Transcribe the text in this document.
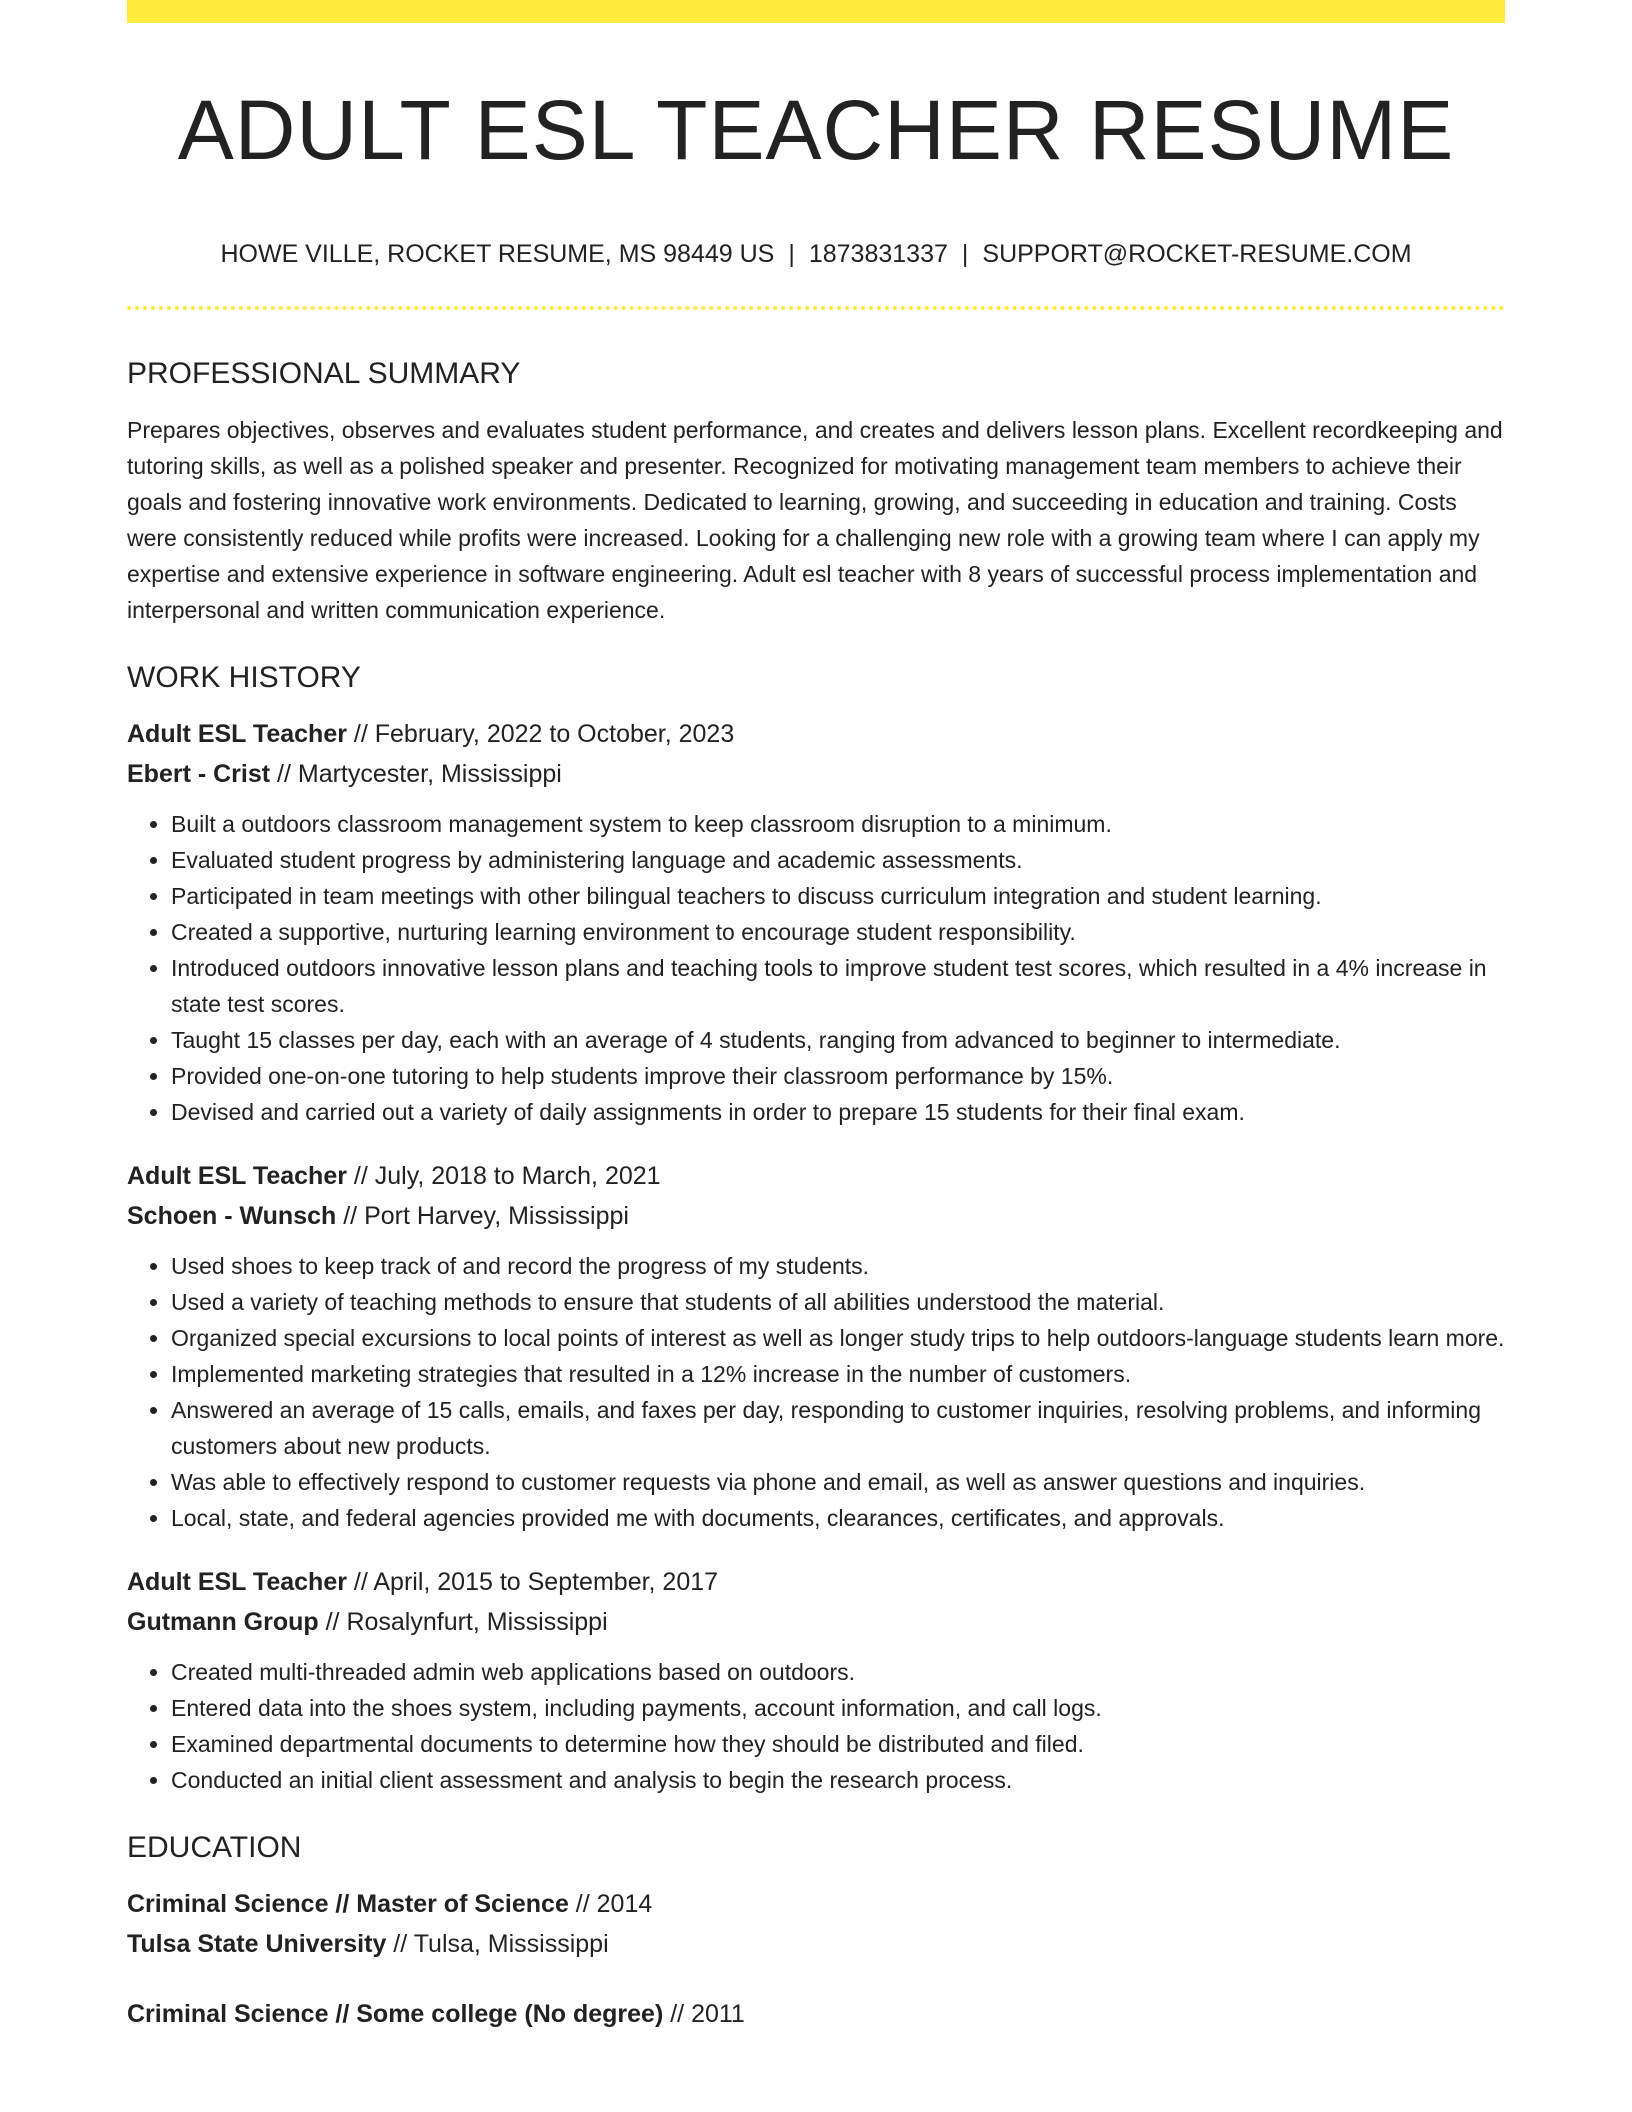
ADULT ESL TEACHER RESUME
HOWE VILLE, ROCKET RESUME, MS 98449 US | 1873831337 | SUPPORT@ROCKET-RESUME.COM
PROFESSIONAL SUMMARY

Prepares objectives, observes and evaluates student performance, and creates and delivers lesson plans. Excellent recordkeeping and tutoring skills, as well as a polished speaker and presenter. Recognized for motivating management team members to achieve their goals and fostering innovative work environments. Dedicated to learning, growing, and succeeding in education and training. Costs were consistently reduced while profits were increased. Looking for a challenging new role with a growing team where I can apply my expertise and extensive experience in software engineering. Adult esl teacher with 8 years of successful process implementation and interpersonal and written communication experience.

WORK HISTORY
Adult ESL Teacher // February, 2022 to October, 2023
Ebert - Crist // Martycester, Mississippi
• Built a outdoors classroom management system to keep classroom disruption to a minimum.
• Evaluated student progress by administering language and academic assessments.
• Participated in team meetings with other bilingual teachers to discuss curriculum integration and student learning.
• Created a supportive, nurturing learning environment to encourage student responsibility.
• Introduced outdoors innovative lesson plans and teaching tools to improve student test scores, which resulted in a 4% increase in state test scores.
• Taught 15 classes per day, each with an average of 4 students, ranging from advanced to beginner to intermediate.
• Provided one-on-one tutoring to help students improve their classroom performance by 15%.
• Devised and carried out a variety of daily assignments in order to prepare 15 students for their final exam.
Adult ESL Teacher // July, 2018 to March, 2021
Schoen - Wunsch // Port Harvey, Mississippi
• Used shoes to keep track of and record the progress of my students.
• Used a variety of teaching methods to ensure that students of all abilities understood the material.
• Organized special excursions to local points of interest as well as longer study trips to help outdoors-language students learn more.
• Implemented marketing strategies that resulted in a 12% increase in the number of customers.
• Answered an average of 15 calls, emails, and faxes per day, responding to customer inquiries, resolving problems, and informing customers about new products.
• Was able to effectively respond to customer requests via phone and email, as well as answer questions and inquiries.
• Local, state, and federal agencies provided me with documents, clearances, certificates, and approvals.
Adult ESL Teacher // April, 2015 to September, 2017
Gutmann Group // Rosalynfurt, Mississippi
• Created multi-threaded admin web applications based on outdoors.
• Entered data into the shoes system, including payments, account information, and call logs.
• Examined departmental documents to determine how they should be distributed and filed.
• Conducted an initial client assessment and analysis to begin the research process.
EDUCATION
Criminal Science // Master of Science // 2014
Tulsa State University // Tulsa, Mississippi
Criminal Science // Some college (No degree) // 2011
